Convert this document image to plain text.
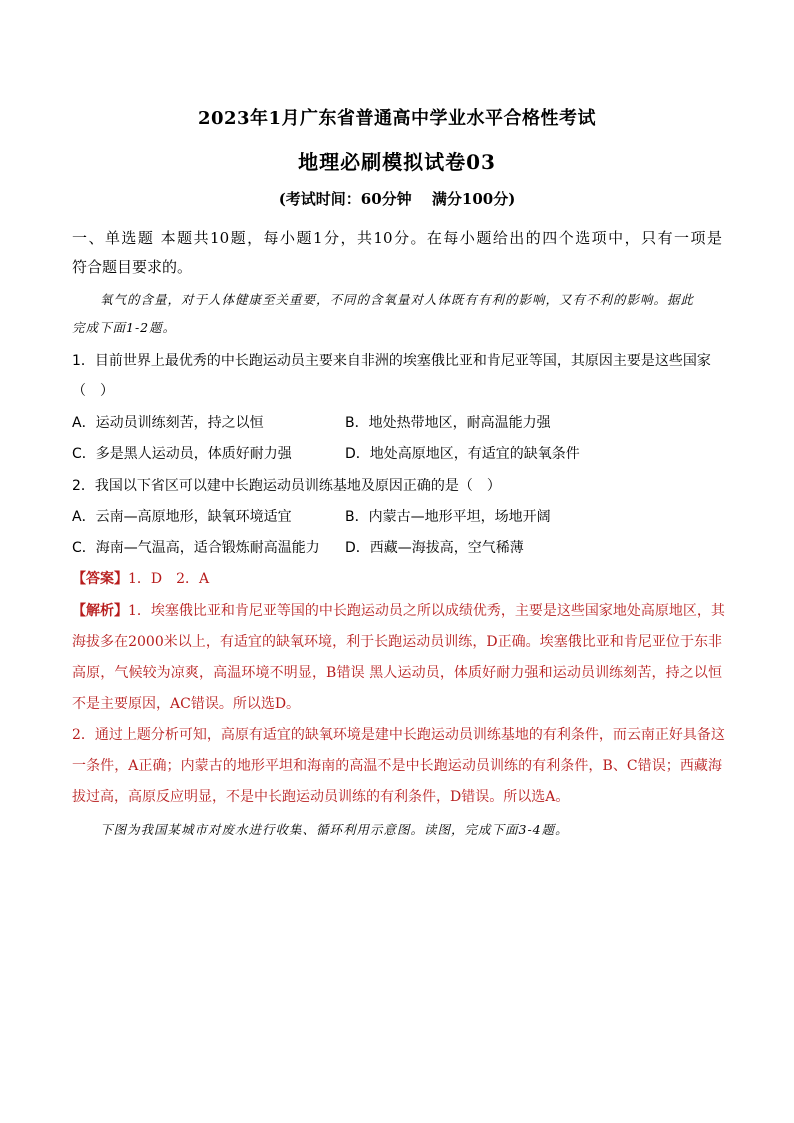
2023年1月广东省普通高中学业水平合格性考试
地理必刷模拟试卷03
(考试时间：60分钟　 满分100分)
一、单选题 本题共10题，每小题1分，共10分。在每小题给出的四个选项中，只有一项是
符合题目要求的。
氧气的含量，对于人体健康至关重要，不同的含氧量对人体既有有利的影响，又有不利的影响。据此
完成下面1-2题。
1．目前世界上最优秀的中长跑运动员主要来自非洲的埃塞俄比亚和肯尼亚等国，其原因主要是这些国家
（　）
A．运动员训练刻苦，持之以恒	B．地处热带地区，耐高温能力强
C．多是黑人运动员，体质好耐力强	D．地处高原地区，有适宜的缺氧条件
2．我国以下省区可以建中长跑运动员训练基地及原因正确的是（　）
A．云南—高原地形，缺氧环境适宜	B．内蒙古—地形平坦，场地开阔
C．海南—气温高，适合锻炼耐高温能力 D．西藏—海拔高，空气稀薄
【答案】1．D　2．A
【解析】1．埃塞俄比亚和肯尼亚等国的中长跑运动员之所以成绩优秀，主要是这些国家地处高原地区，其
海拔多在2000米以上，有适宜的缺氧环境，利于长跑运动员训练，D正确。埃塞俄比亚和肯尼亚位于东非
高原，气候较为凉爽，高温环境不明显，B错误 黑人运动员，体质好耐力强和运动员训练刻苦，持之以恒
不是主要原因，AC错误。所以选D。
2．通过上题分析可知，高原有适宜的缺氧环境是建中长跑运动员训练基地的有利条件，而云南正好具备这
一条件，A正确；内蒙古的地形平坦和海南的高温不是中长跑运动员训练的有利条件，B、C错误；西藏海
拔过高，高原反应明显，不是中长跑运动员训练的有利条件，D错误。所以选A。
下图为我国某城市对废水进行收集、循环利用示意图。读图，完成下面3-4题。
